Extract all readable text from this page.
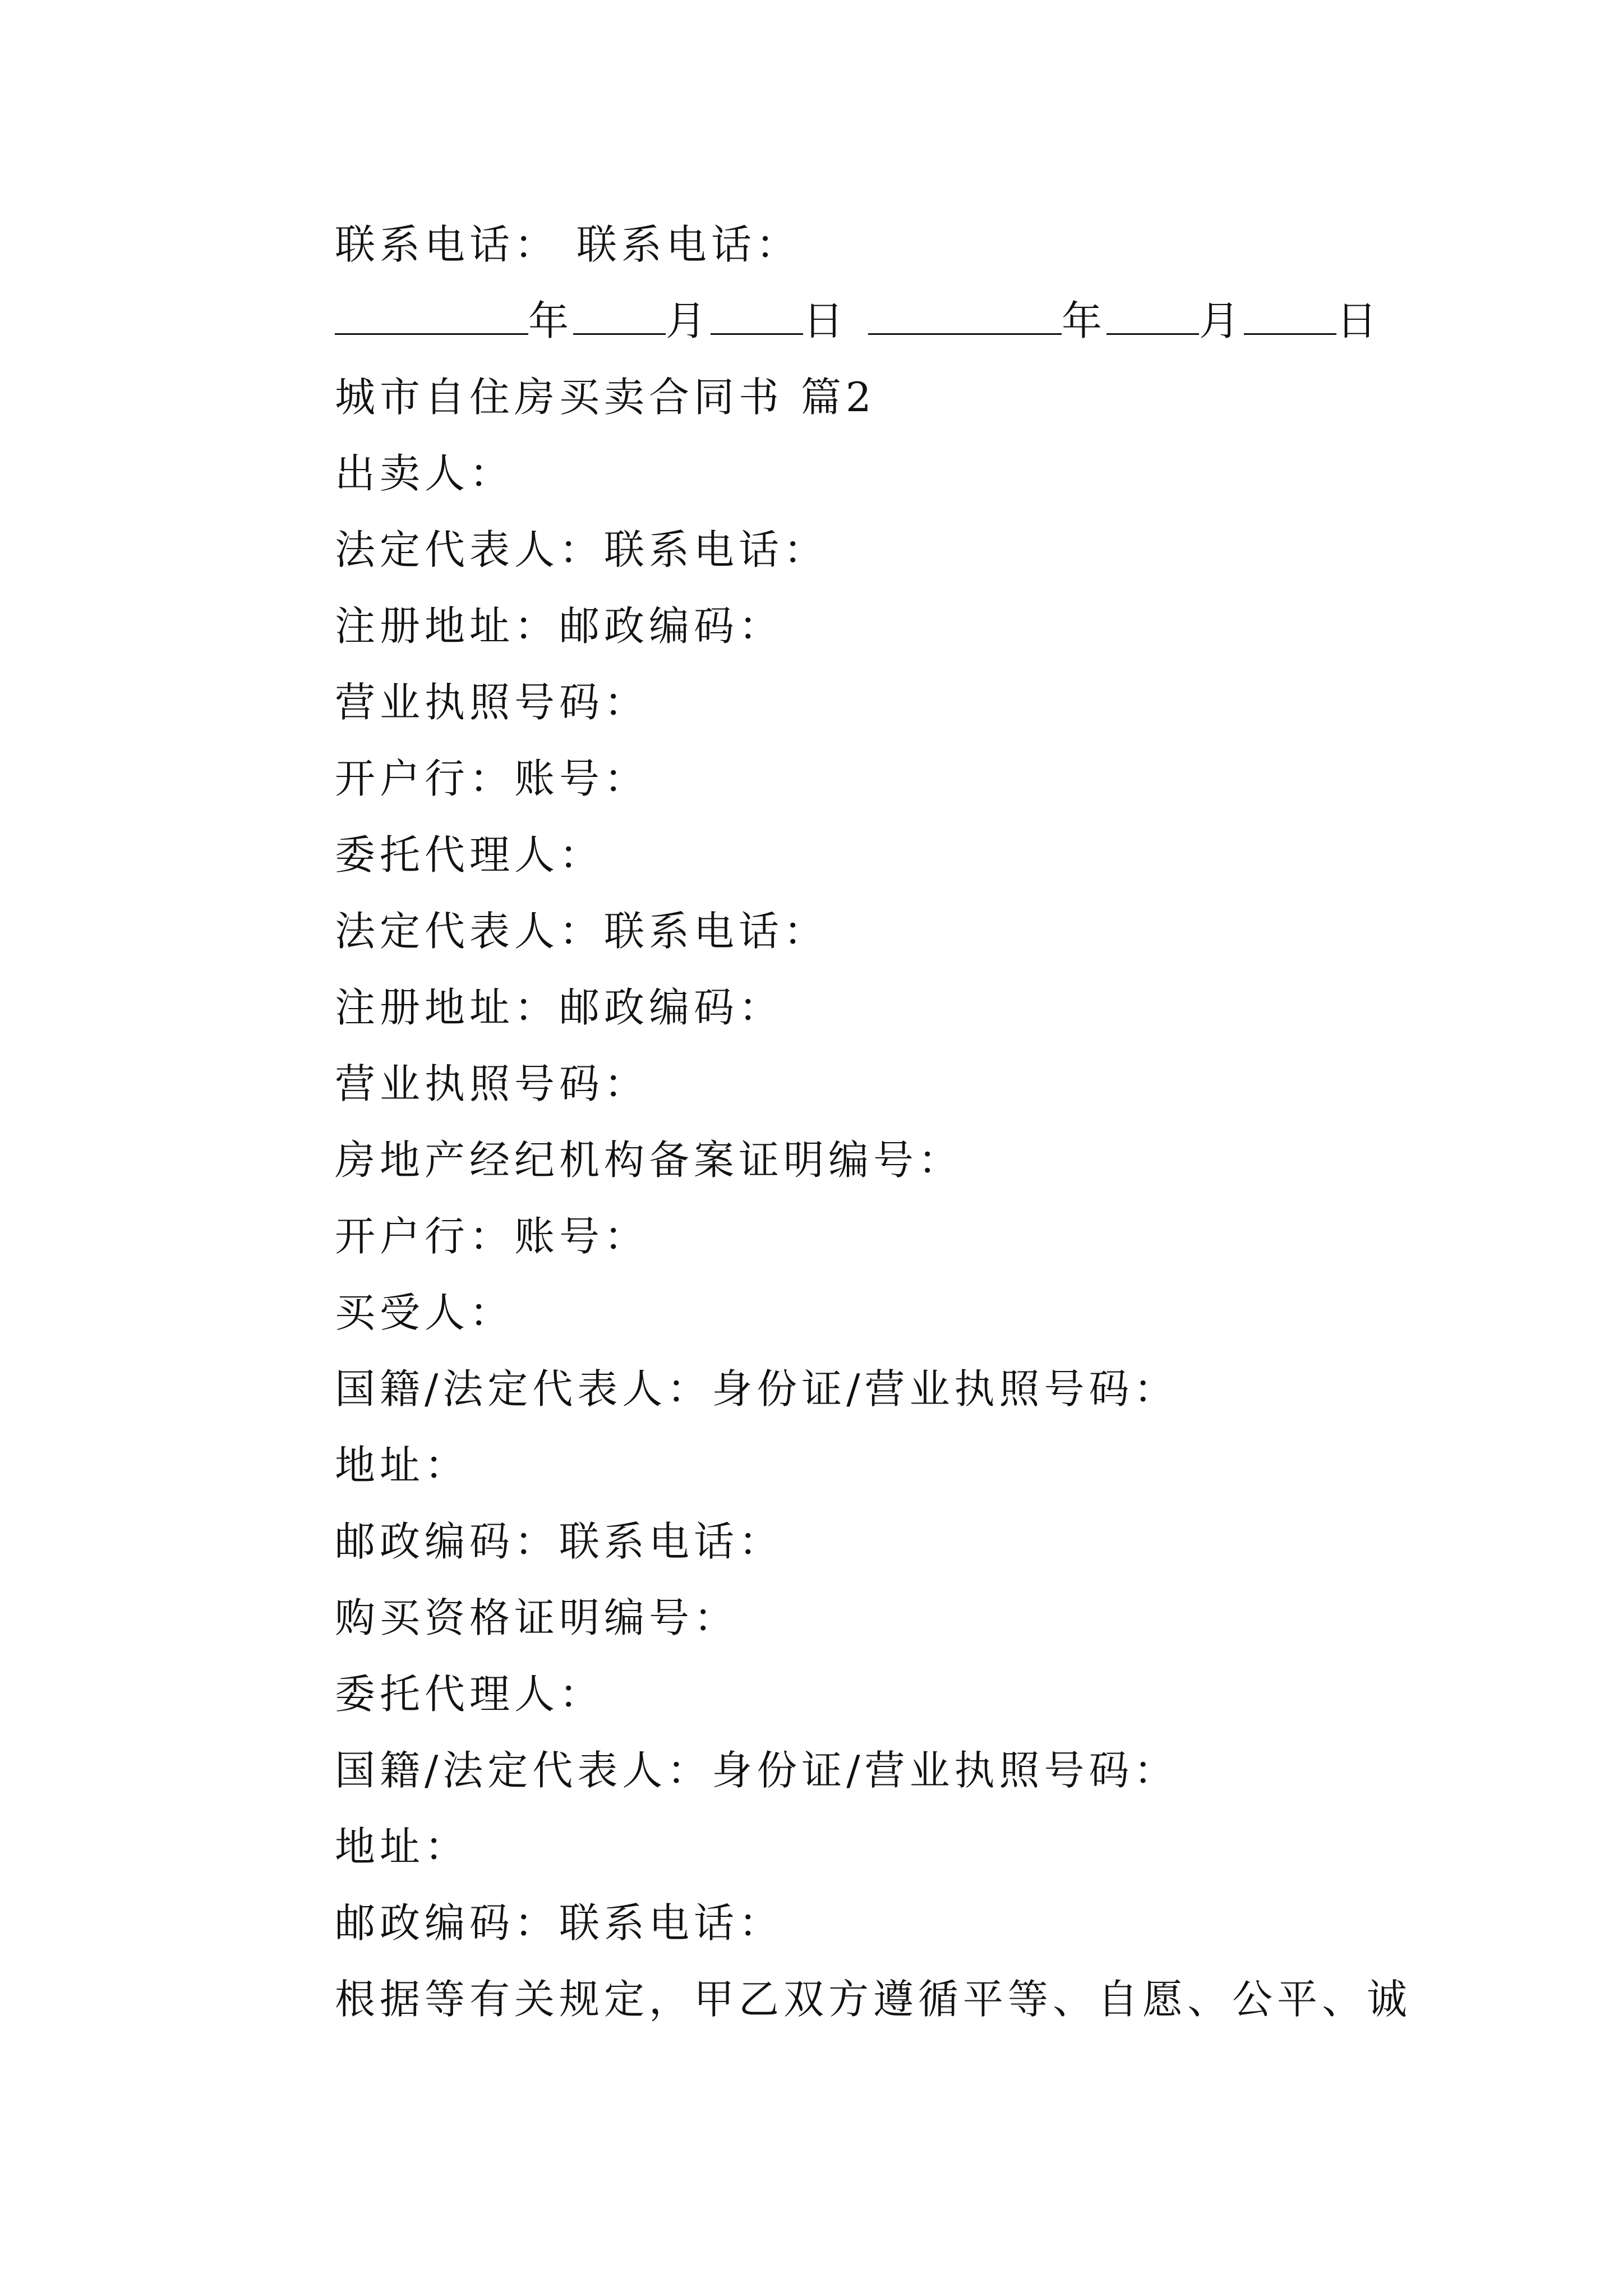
联系电话： 联系电话：
年 月 日	年 月 日
城市自住房买卖合同书 篇2
出卖人：
法定代表人：联系电话：
注册地址：邮政编码：
营业执照号码：
开户行：账号：
委托代理人：
法定代表人：联系电话：
注册地址：邮政编码：
营业执照号码：
房地产经纪机构备案证明编号：
开户行：账号：
买受人：
国籍/法定代表人：身份证/营业执照号码：
地址：
邮政编码：联系电话：
购买资格证明编号：
委托代理人：
国籍/法定代表人：身份证/营业执照号码：
地址：
邮政编码：联系电话：
根据等有关规定，甲乙双方遵循平等、自愿、公平、诚
